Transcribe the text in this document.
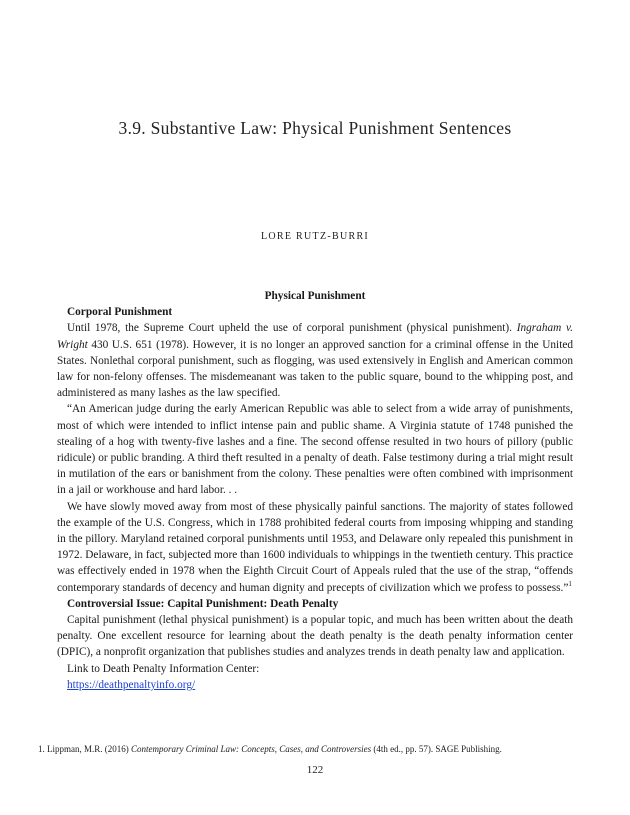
3.9. Substantive Law: Physical Punishment Sentences
LORE RUTZ-BURRI
Physical Punishment
Corporal Punishment

Until 1978, the Supreme Court upheld the use of corporal punishment (physical punishment). Ingraham v. Wright 430 U.S. 651 (1978). However, it is no longer an approved sanction for a criminal offense in the United States. Nonlethal corporal punishment, such as flogging, was used extensively in English and American common law for non-felony offenses. The misdemeanant was taken to the public square, bound to the whipping post, and administered as many lashes as the law specified.

“An American judge during the early American Republic was able to select from a wide array of punishments, most of which were intended to inflict intense pain and public shame. A Virginia statute of 1748 punished the stealing of a hog with twenty-five lashes and a fine. The second offense resulted in two hours of pillory (public ridicule) or public branding. A third theft resulted in a penalty of death. False testimony during a trial might result in mutilation of the ears or banishment from the colony. These penalties were often combined with imprisonment in a jail or workhouse and hard labor. . .

We have slowly moved away from most of these physically painful sanctions. The majority of states followed the example of the U.S. Congress, which in 1788 prohibited federal courts from imposing whipping and standing in the pillory. Maryland retained corporal punishments until 1953, and Delaware only repealed this punishment in 1972. Delaware, in fact, subjected more than 1600 individuals to whippings in the twentieth century. This practice was effectively ended in 1978 when the Eighth Circuit Court of Appeals ruled that the use of the strap, “offends contemporary standards of decency and human dignity and precepts of civilization which we profess to possess.”$^1$

Controversial Issue: Capital Punishment: Death Penalty

Capital punishment (lethal physical punishment) is a popular topic, and much has been written about the death penalty. One excellent resource for learning about the death penalty is the death penalty information center (DPIC), a nonprofit organization that publishes studies and analyzes trends in death penalty law and application.

Link to Death Penalty Information Center:
https://deathpenaltyinfo.org/
1. Lippman, M.R. (2016) Contemporary Criminal Law: Concepts, Cases, and Controversies (4th ed., pp. 57). SAGE Publishing.
122
